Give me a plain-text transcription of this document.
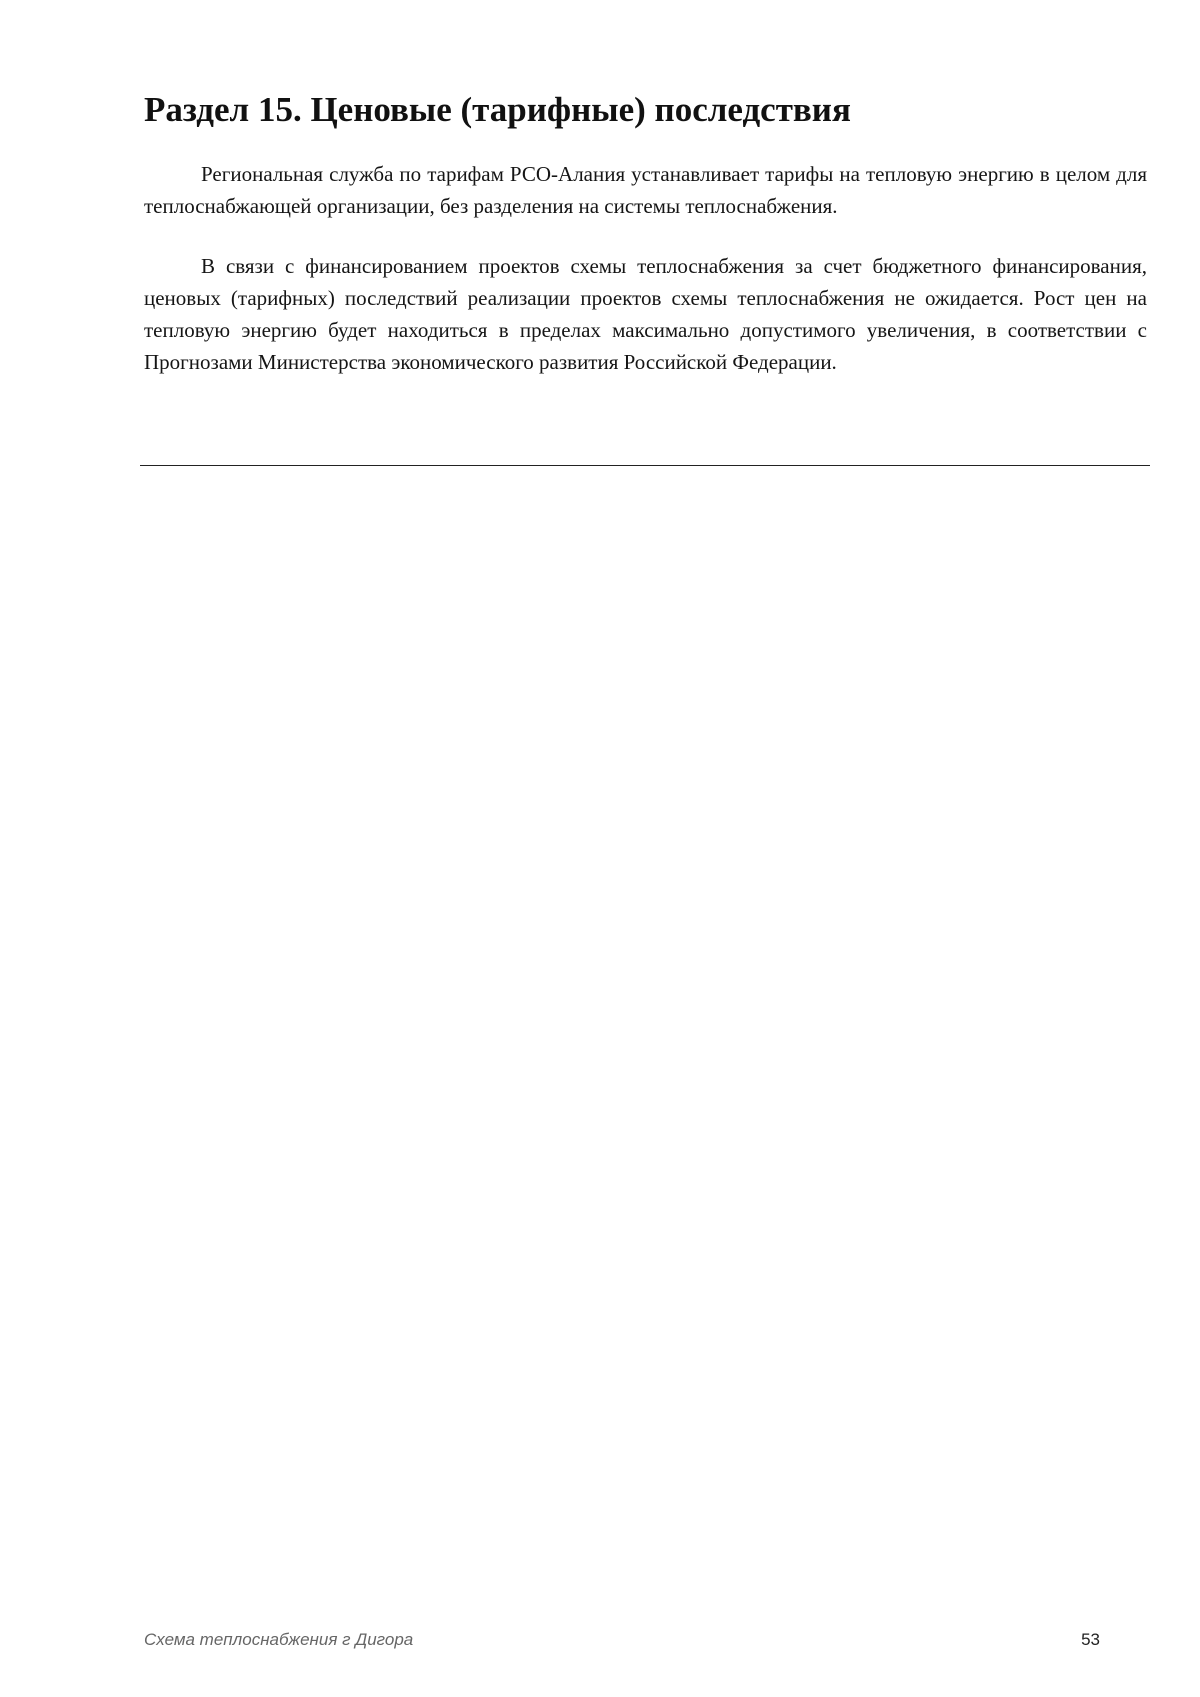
Раздел 15. Ценовые (тарифные) последствия

Региональная служба по тарифам РСО-Алания устанавливает тарифы на тепловую энергию в целом для теплоснабжающей организации, без разделения на системы теплоснабжения.

В связи с финансированием проектов схемы теплоснабжения за счет бюджетного финансирования, ценовых (тарифных) последствий реализации проектов схемы теплоснабжения не ожидается. Рост цен на тепловую энергию будет находиться в пределах максимально допустимого увеличения, в соответствии с Прогнозами Министерства экономического развития Российской Федерации.

Схема теплоснабжения г Дигора	53
